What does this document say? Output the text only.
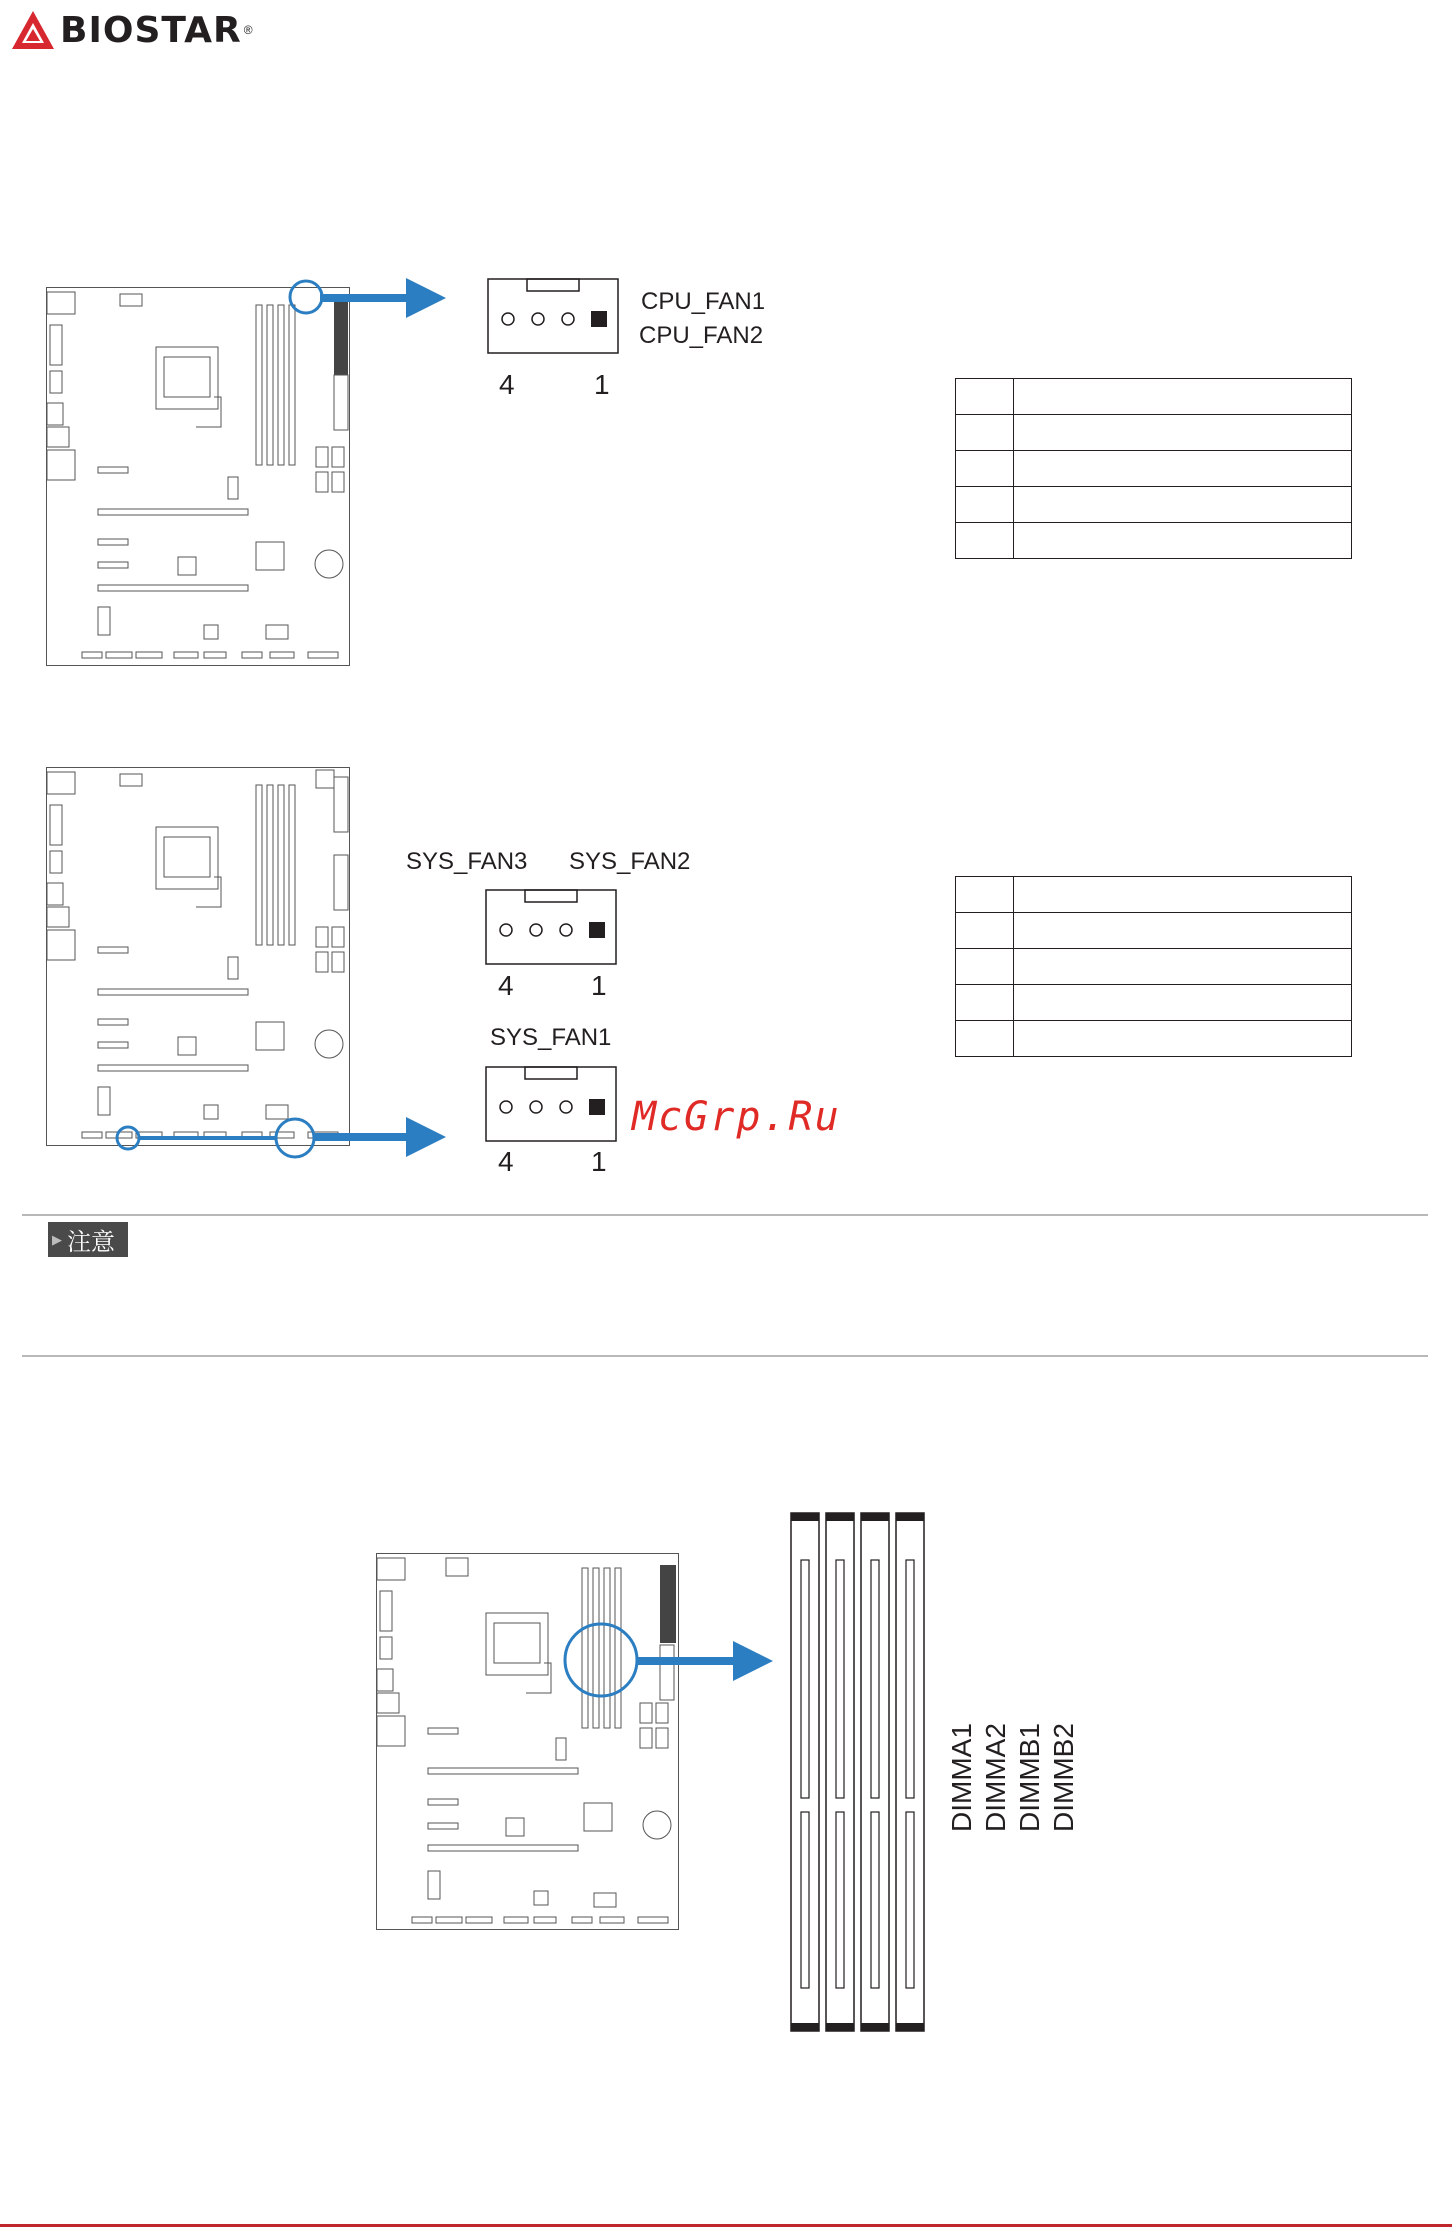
BIOSTAR ®
CPU_FAN1
CPU_FAN2
4	1

SYS_FAN3 SYS_FAN2
4	1
SYS_FAN1
4	1
McGrp.Ru

▶ 注意
DIMMA1 DIMMA2 DIMMB1 DIMMB2
